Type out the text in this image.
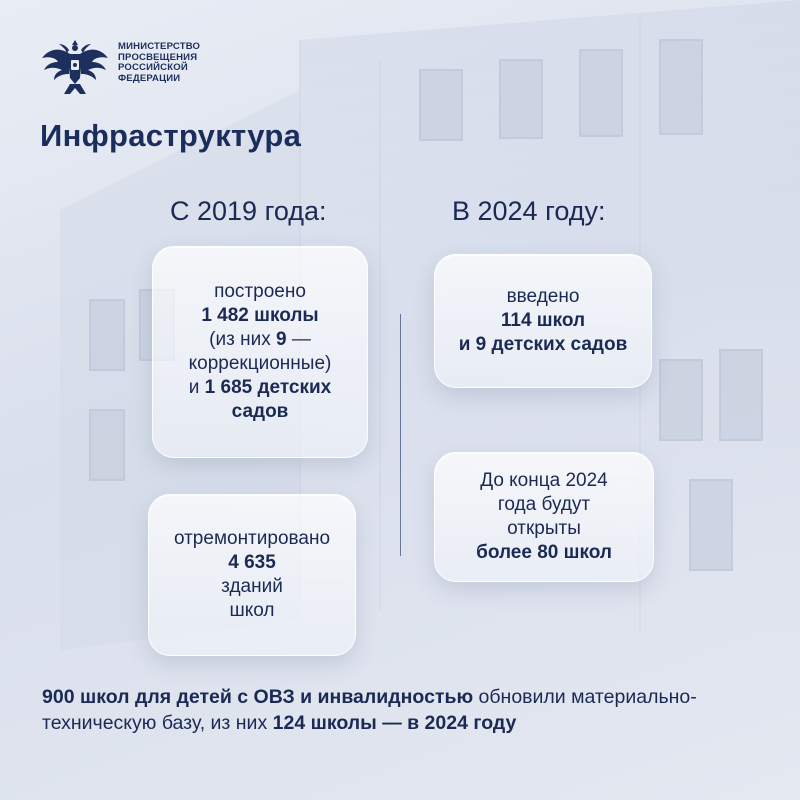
МИНИСТЕРСТВО
ПРОСВЕЩЕНИЯ
РОССИЙСКОЙ
ФЕДЕРАЦИИ
Инфраструктура
С 2019 года:	В 2024 году:
построено
1 482 школы
(из них 9 —
коррекционные)
и 1 685 детских
садов
отремонтировано
4 635
зданий
школ
введено
114 школ
и 9 детских садов
До конца 2024
года будут
открыты
более 80 школ
900 школ для детей с ОВЗ и инвалидностью обновили материально-техническую базу, из них 124 школы — в 2024 году
